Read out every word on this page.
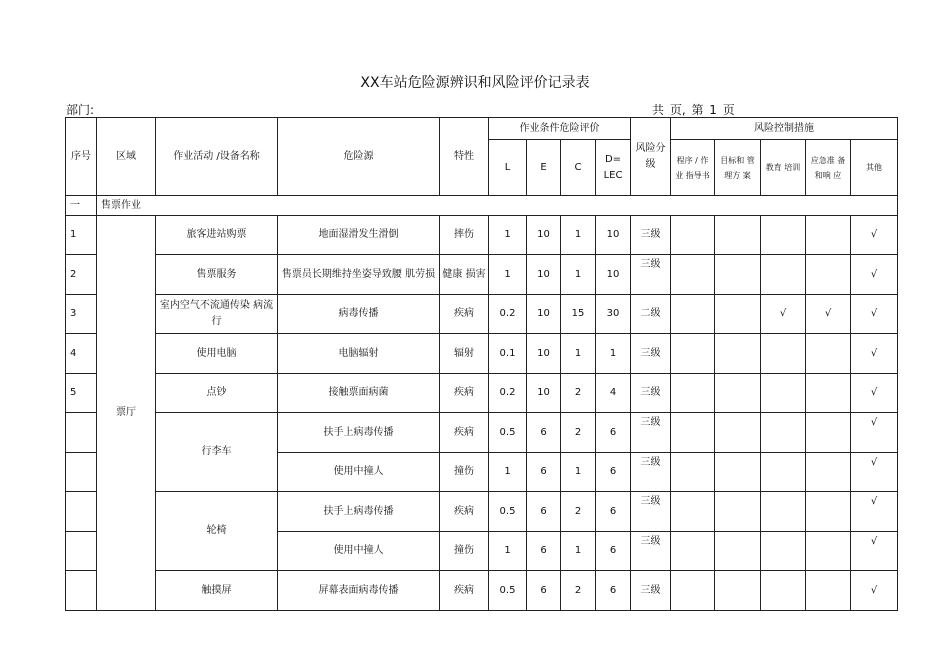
XX车站危险源辨识和风险评价记录表
部门:	共 页, 第 1 页
序号	区域	作业活动 /设备名称	危险源	特性	作业条件危险评价				风险分级	风险控制措施				
					L	E	C	D= LEC		程序 / 作业 指导书	目标和 管理方 案	教育 培训	应急准 备和响 应	其他
一	售票作业													
1	票厅	旅客进站购票	地面湿滑发生滑倒	摔伤	1	10	1	10	三级					√
2		售票服务	售票员长期维持坐姿导致腰 肌劳损	健康 损害	1	10	1	10	三级					√
3		室内空气不流通传染 病流行	病毒传播	疾病	0.2	10	15	30	二级			√	√	√
4		使用电脑	电脑辐射	辐射	0.1	10	1	1	三级					√
5		点钞	接触票面病菌	疾病	0.2	10	2	4	三级					√
		行李车	扶手上病毒传播	疾病	0.5	6	2	6	三级					√
			使用中撞人	撞伤	1	6	1	6	三级					√
		轮椅	扶手上病毒传播	疾病	0.5	6	2	6	三级					√
			使用中撞人	撞伤	1	6	1	6	三级					√
		触摸屏	屏幕表面病毒传播	疾病	0.5	6	2	6	三级					√
